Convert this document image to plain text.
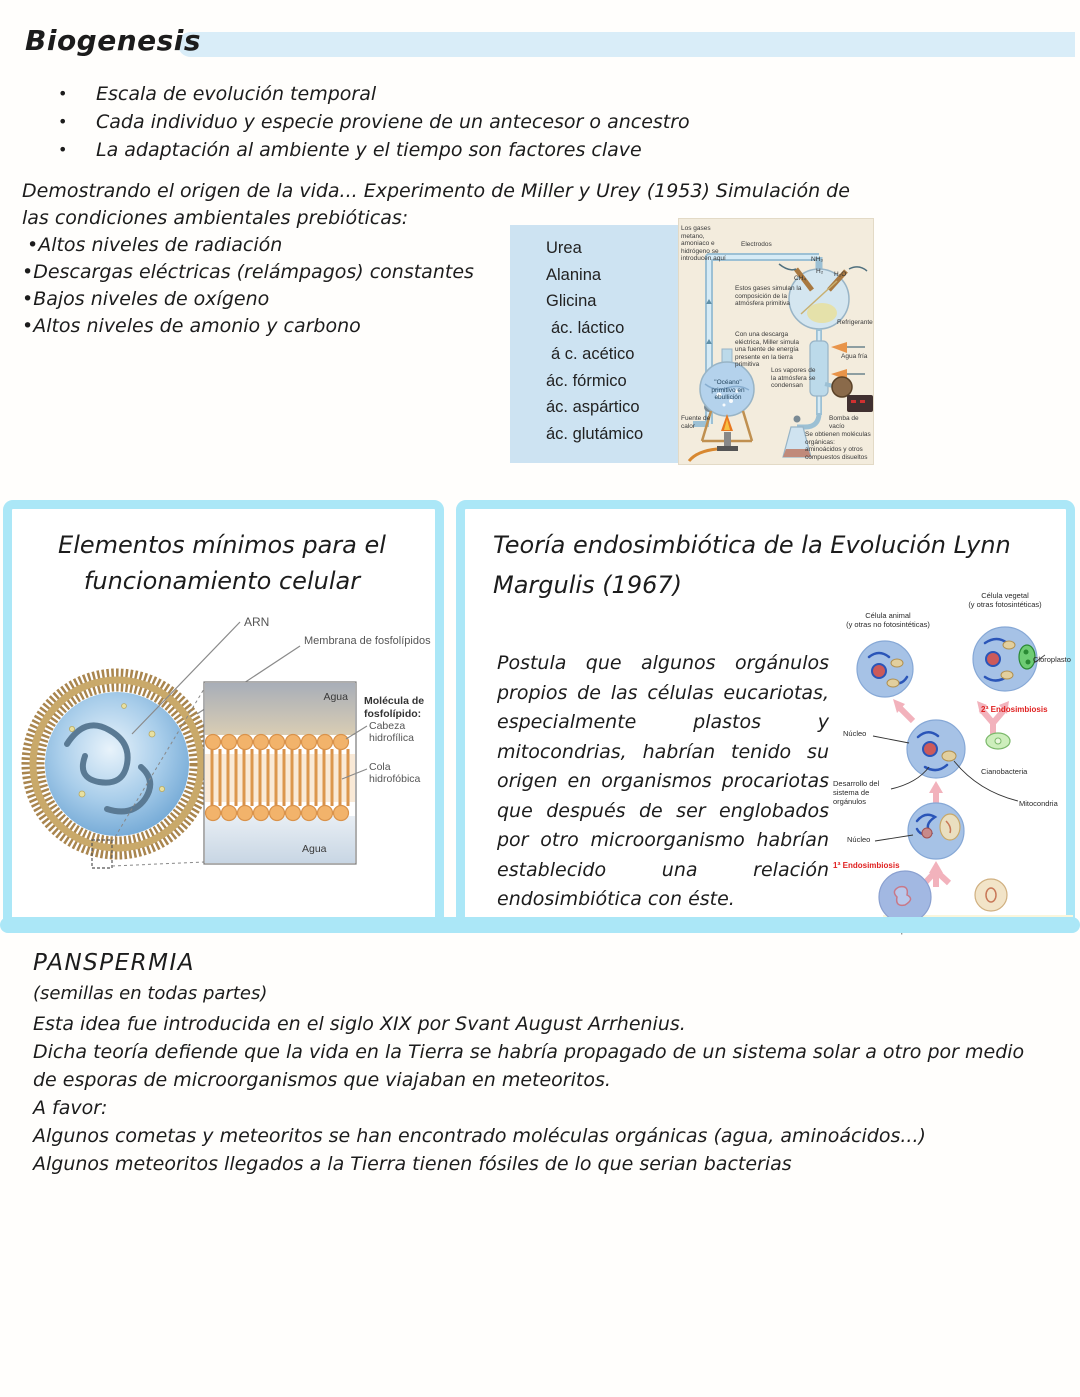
Biogenesis
•	Escala de evolución temporal
•	Cada individuo y especie proviene de un antecesor o ancestro
•	La adaptación al ambiente y el tiempo son factores clave
Demostrando el origen de la vida... Experimento de Miller y Urey (1953) Simulación de las condiciones ambientales prebióticas:
•Altos niveles de radiación
•Descargas eléctricas (relámpagos) constantes
•Bajos niveles de oxígeno
•Altos niveles de amonio y carbono
Urea
Alanina
Glicina
ác. láctico
á c. acético
ác. fórmico
ác. aspártico
ác. glutámico
Los gases metano, amoniaco e hidrógeno se introducen aquí
Electrodos
Estos gases simulan la composición de la atmósfera primitiva
NH₃
H₂
CH₄
H₂O
Con una descarga eléctrica, Miller simula una fuente de energía presente en la tierra primitiva
Los vapores de la atmósfera se condensan
Refrigerante
Agua fría
"Océano" primitivo en ebullición
Fuente de calor
Bomba de vacío
Se obtienen moléculas orgánicas: aminoácidos y otros compuestos disueltos
Elementos mínimos para el funcionamiento celular
ARN
Membrana de fosfolípidos
Agua Molécula de
fosfolípido:
Cabeza
hidrofílica
Cola
hidrofóbica
Agua
Teoría endosimbiótica de la Evolución Lynn Margulis (1967)
Postula que algunos orgánulos propios de las células eucariotas, especialmente plastos y mitocondrias, habrían tenido su origen en organismos procariotas que después de ser englobados por otro microorganismo habrían establecido una relación endosimbiótica con éste.
Célula animal
(y otras no fotosintéticas)
Célula vegetal
(y otras fotosintéticas)
Cloroplasto
2ª Endosimbiosis
Núcleo
Cianobacteria
Desarrollo del
sistema de
orgánulos	Mitocondria
Núcleo
1ª Endosimbiosis
PANSPERMIA
(semillas en todas partes)
Esta idea fue introducida en el siglo XIX por Svant August Arrhenius.
Dicha teoría defiende que la vida en la Tierra se habría propagado de un sistema solar a otro por medio de esporas de microorganismos que viajaban en meteoritos.
A favor:
Algunos cometas y meteoritos se han encontrado moléculas orgánicas (agua, aminoácidos...)
Algunos meteoritos llegados a la Tierra tienen fósiles de lo que serian bacterias
